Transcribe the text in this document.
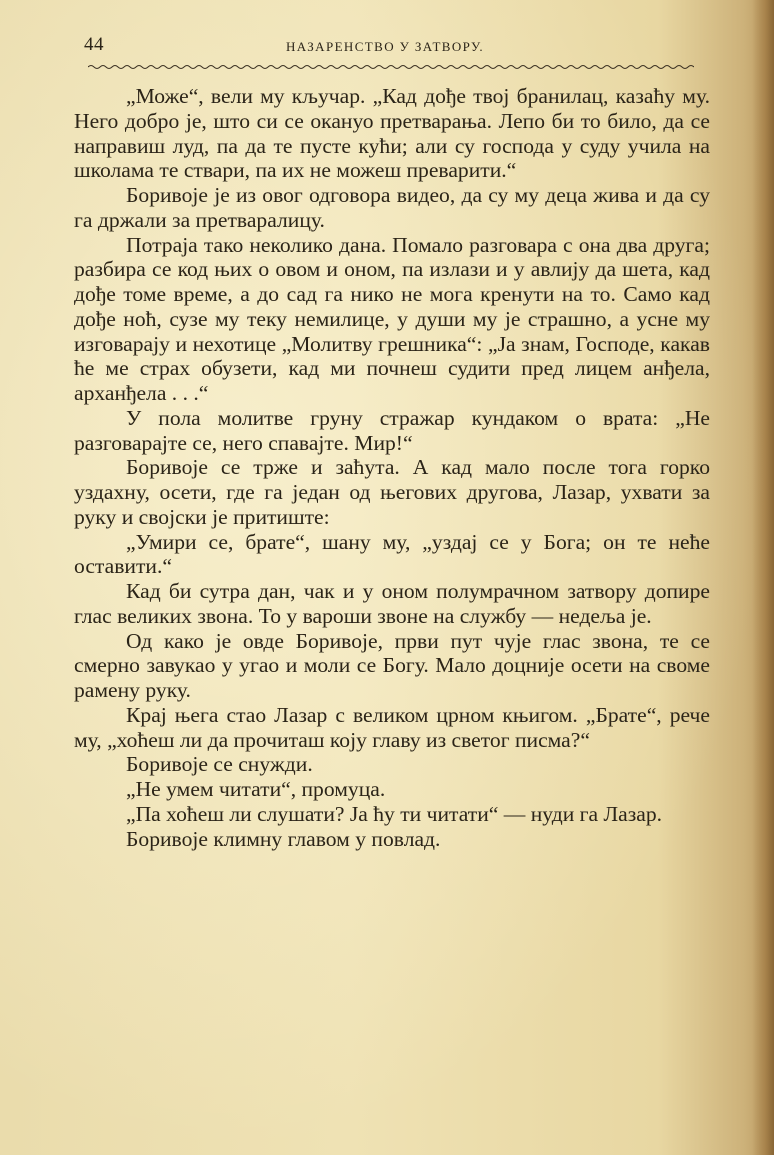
44	НАЗАРЕНСТВО У ЗАТВОРУ.

„Може“, вели му кључар. „Кад дође твој бранилац, казаћу му. Него добро је, што си се окануо претварања. Лепо би то било, да се направиш луд, па да те пусте кући; али су господа у суду учила на школама те ствари, па их не можеш преварити.“

Боривоје је из овог одговора видео, да су му деца жива и да су га држали за претваралицу.

Потраја тако неколико дана. Помало разговара с она два друга; разбира се код њих о овом и оном, па излази и у авлију да шета, кад дође томе време, а до сад га нико не мога кренути на то. Само кад дође ноћ, сузе му теку немилице, у души му је страшно, а усне му изговарају и нехотице „Молитву грешника“: „Ја знам, Господе, какав ће ме страх обузети, кад ми почнеш судити пред лицем анђела, арханђела . . .“

У пола молитве груну стражар кундаком о врата: „Не разговарајте се, него спавајте. Мир!“

Боривоје се трже и заћута. А кад мало после тога горко уздахну, осети, где га један од његових другова, Лазар, ухвати за руку и својски је притиште:

„Умири се, брате“, шану му, „уздај се у Бога; он те неће оставити.“

Кад би сутра дан, чак и у оном полумрачном затвору допире глас великих звона. То у вароши звоне на службу — недеља је.

Од како је овде Боривоје, први пут чује глас звона, те се смерно завукао у угао и моли се Богу. Мало доцније осети на своме рамену руку.

Крај њега стао Лазар с великом црном књигом. „Брате“, рече му, „хоћеш ли да прочиташ коју главу из светог писма?“

Боривоје се снужди.

„Не умем читати“, промуца.

„Па хоћеш ли слушати? Ја ћу ти читати“ — нуди га Лазар.

Боривоје климну главом у повлад.
